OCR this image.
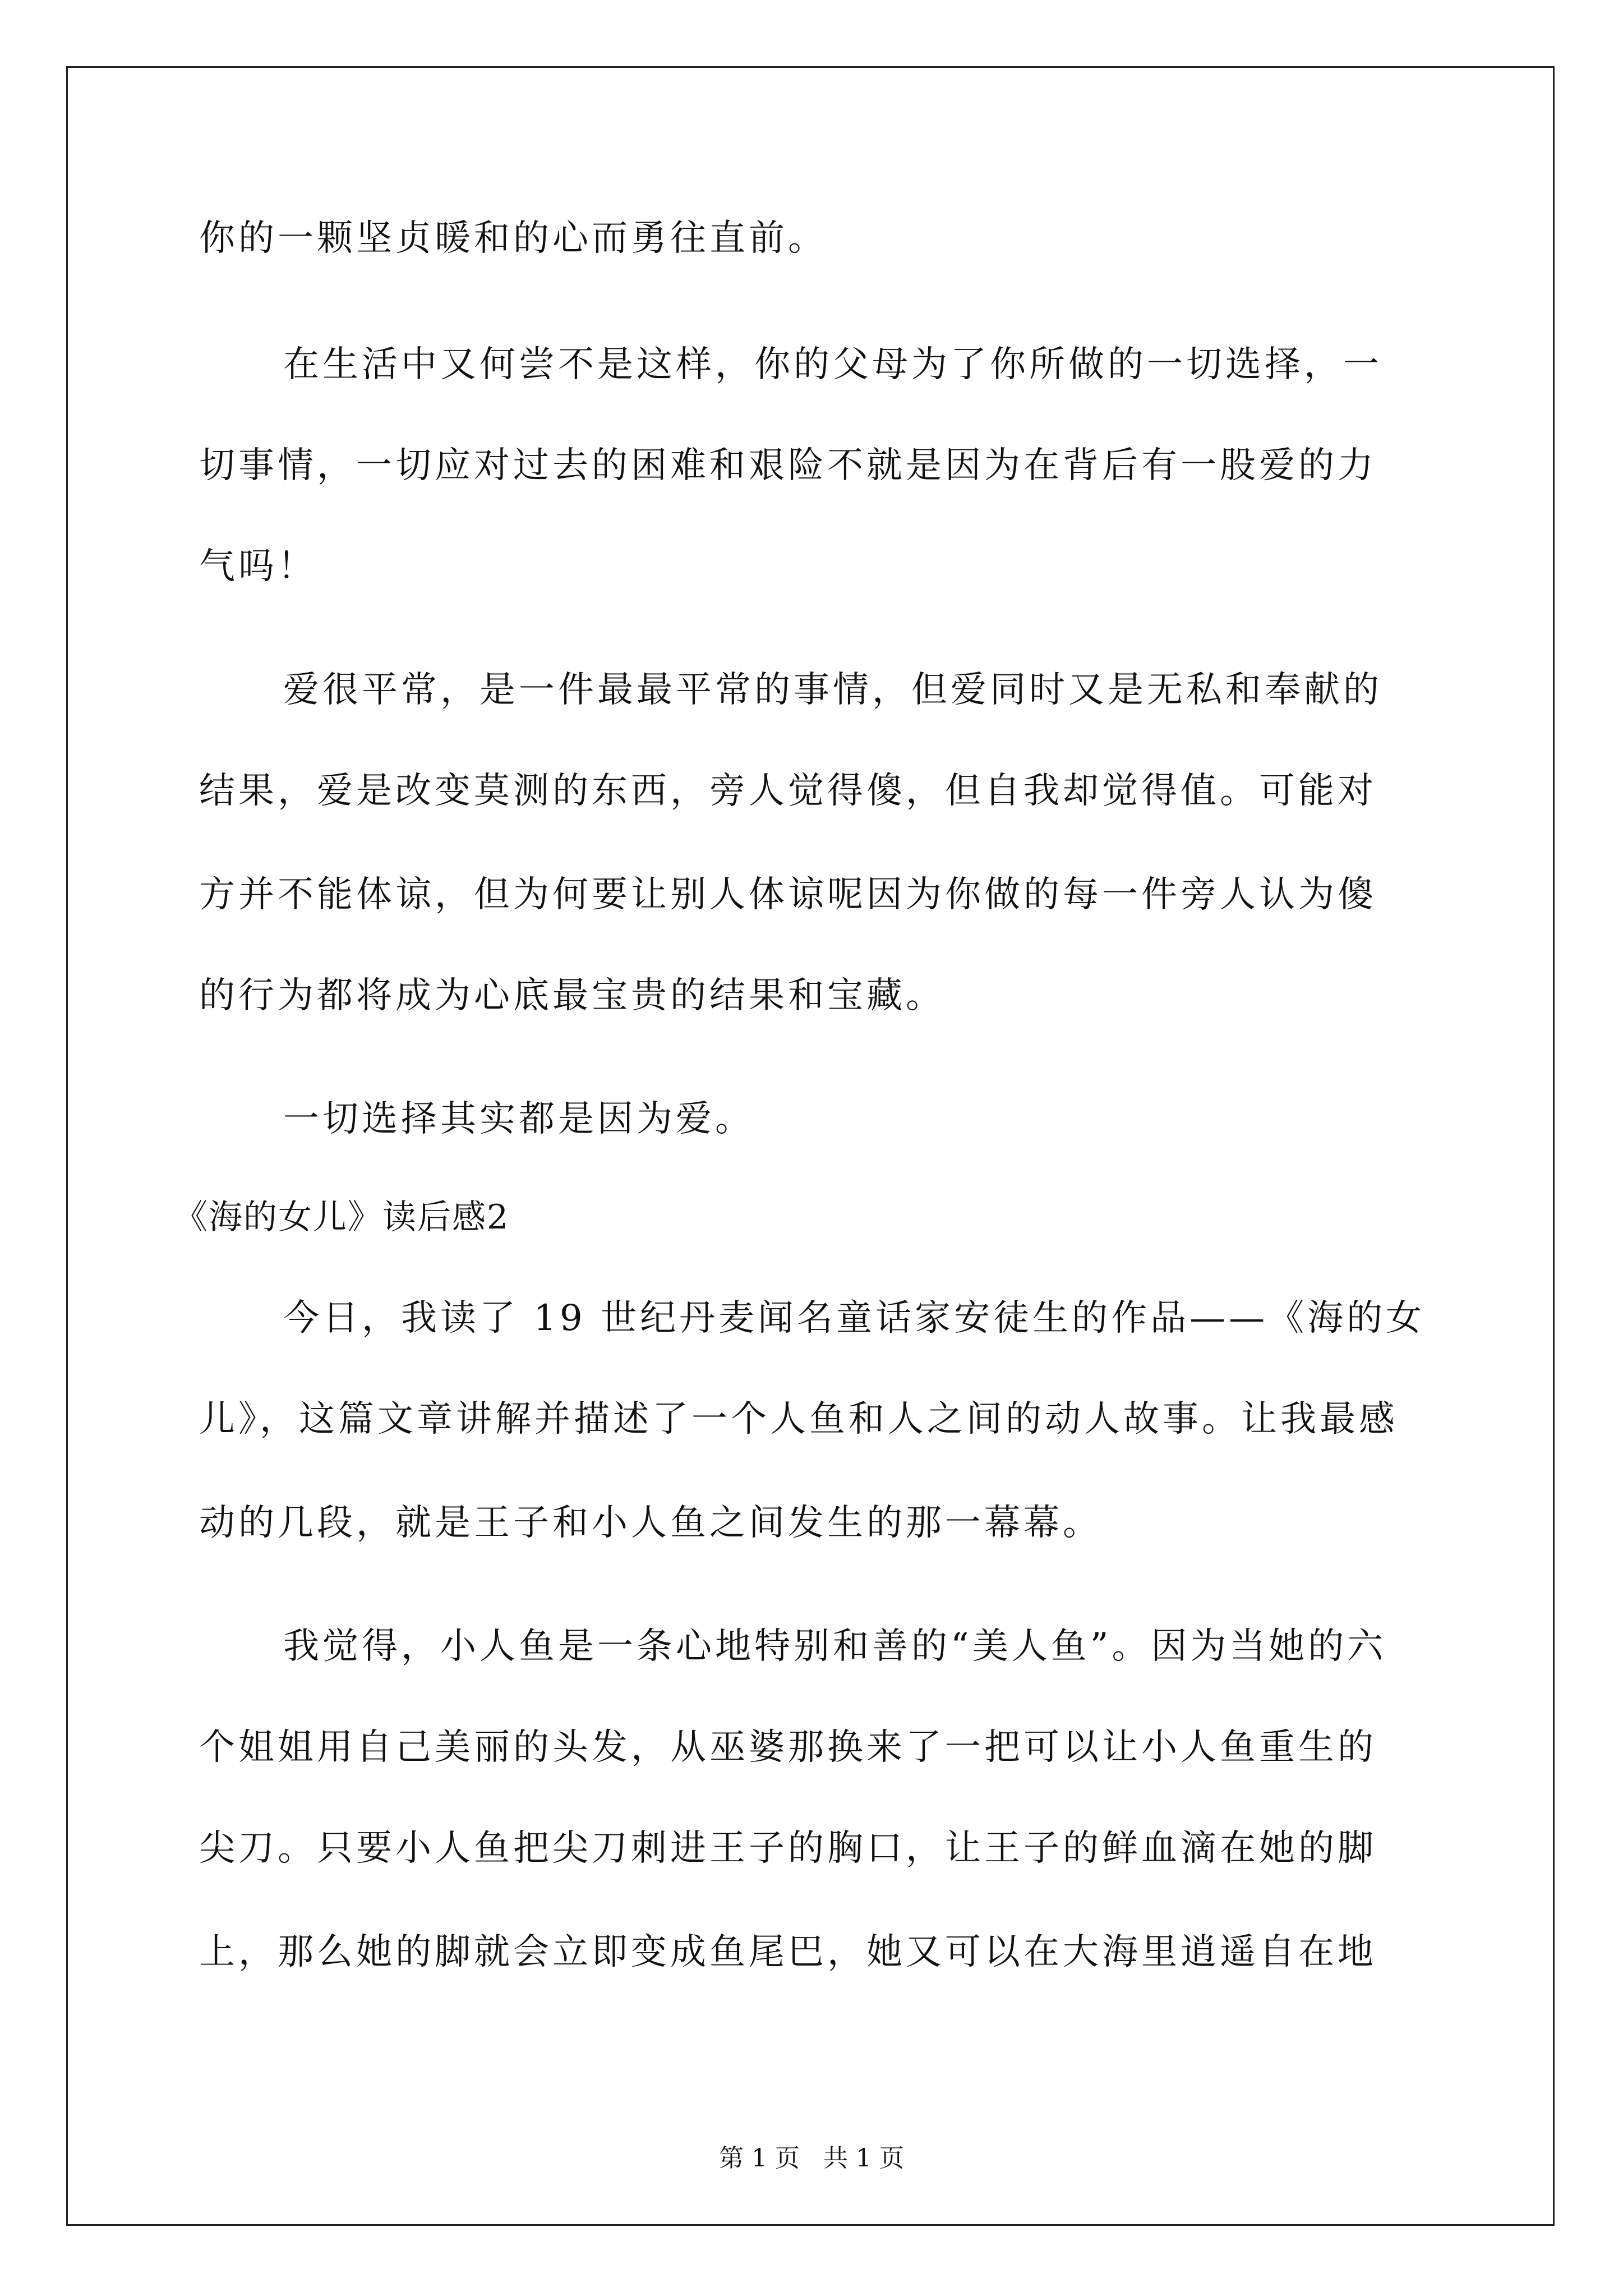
你的一颗坚贞暖和的心而勇往直前。
在生活中又何尝不是这样，你的父母为了你所做的一切选择，一
切事情，一切应对过去的困难和艰险不就是因为在背后有一股爱的力
气吗！
爱很平常，是一件最最平常的事情，但爱同时又是无私和奉献的
结果，爱是改变莫测的东西，旁人觉得傻，但自我却觉得值。可能对
方并不能体谅，但为何要让别人体谅呢因为你做的每一件旁人认为傻
的行为都将成为心底最宝贵的结果和宝藏。
一切选择其实都是因为爱。
《海的女儿》读后感2
今日，我读了 19 世纪丹麦闻名童话家安徒生的作品——《海的女
儿》，这篇文章讲解并描述了一个人鱼和人之间的动人故事。让我最感
动的几段，就是王子和小人鱼之间发生的那一幕幕。
我觉得，小人鱼是一条心地特别和善的“美人鱼”。因为当她的六
个姐姐用自己美丽的头发，从巫婆那换来了一把可以让小人鱼重生的
尖刀。只要小人鱼把尖刀刺进王子的胸口，让王子的鲜血滴在她的脚
上，那么她的脚就会立即变成鱼尾巴，她又可以在大海里逍遥自在地
第 1 页 共 1 页
